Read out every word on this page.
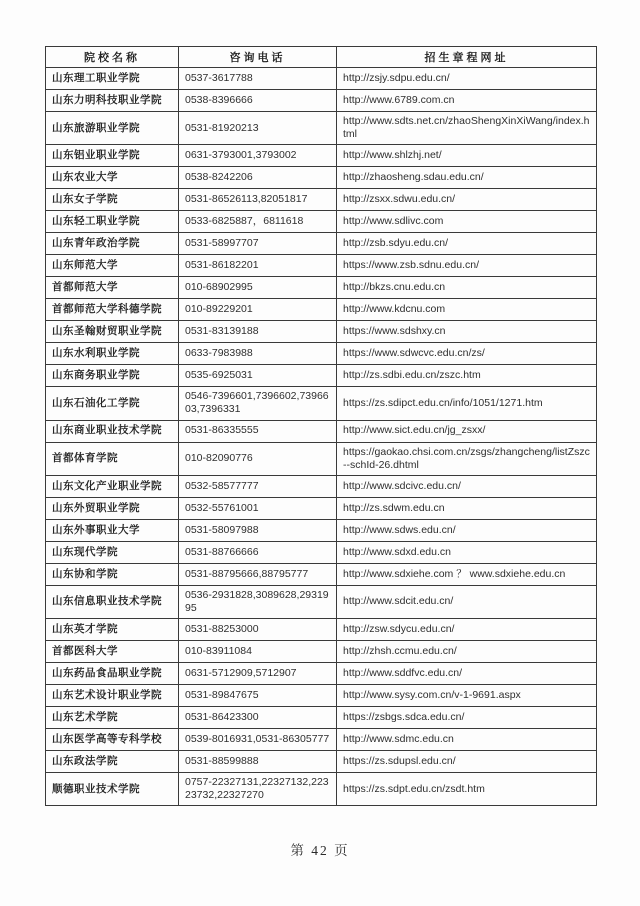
院校名称	咨询电话	招生章程网址
山东理工职业学院	0537-3617788	http://zsjy.sdpu.edu.cn/
山东力明科技职业学院	0538-8396666	http://www.6789.com.cn
山东旅游职业学院	0531-81920213	http://www.sdts.net.cn/zhaoShengXinXiWang/index.html
山东铝业职业学院	0631-3793001,3793002	http://www.shlzhj.net/
山东农业大学	0538-8242206	http://zhaosheng.sdau.edu.cn/
山东女子学院	0531-86526113,82051817	http://zsxx.sdwu.edu.cn/
山东轻工职业学院	0533-6825887，6811618	http://www.sdlivc.com
山东青年政治学院	0531-58997707	http://zsb.sdyu.edu.cn/
山东师范大学	0531-86182201	https://www.zsb.sdnu.edu.cn/
首都师范大学	010-68902995	http://bkzs.cnu.edu.cn
首都师范大学科德学院	010-89229201	http://www.kdcnu.com
山东圣翰财贸职业学院	0531-83139188	https://www.sdshxy.cn
山东水利职业学院	0633-7983988	https://www.sdwcvc.edu.cn/zs/
山东商务职业学院	0535-6925031	http://zs.sdbi.edu.cn/zszc.htm
山东石油化工学院	0546-7396601,7396602,7396603,7396331	https://zs.sdipct.edu.cn/info/1051/1271.htm
山东商业职业技术学院	0531-86335555	http://www.sict.edu.cn/jg_zsxx/
首都体育学院	010-82090776	https://gaokao.chsi.com.cn/zsgs/zhangcheng/listZszc--schId-26.dhtml
山东文化产业职业学院	0532-58577777	http://www.sdcivc.edu.cn/
山东外贸职业学院	0532-55761001	http://zs.sdwm.edu.cn
山东外事职业大学	0531-58097988	http://www.sdws.edu.cn/
山东现代学院	0531-88766666	http://www.sdxd.edu.cn
山东协和学院	0531-88795666,88795777	http://www.sdxiehe.com ？ www.sdxiehe.edu.cn
山东信息职业技术学院	0536-2931828,3089628,2931995	http://www.sdcit.edu.cn/
山东英才学院	0531-88253000	http://zsw.sdycu.edu.cn/
首都医科大学	010-83911084	http://zhsh.ccmu.edu.cn/
山东药品食品职业学院	0631-5712909,5712907	http://www.sddfvc.edu.cn/
山东艺术设计职业学院	0531-89847675	http://www.sysy.com.cn/v-1-9691.aspx
山东艺术学院	0531-86423300	https://zsbgs.sdca.edu.cn/
山东医学高等专科学校	0539-8016931,0531-86305777	http://www.sdmc.edu.cn
山东政法学院	0531-88599888	https://zs.sdupsl.edu.cn/
顺德职业技术学院	0757-22327131,22327132,22323732,22327270	https://zs.sdpt.edu.cn/zsdt.htm
第 42 页
